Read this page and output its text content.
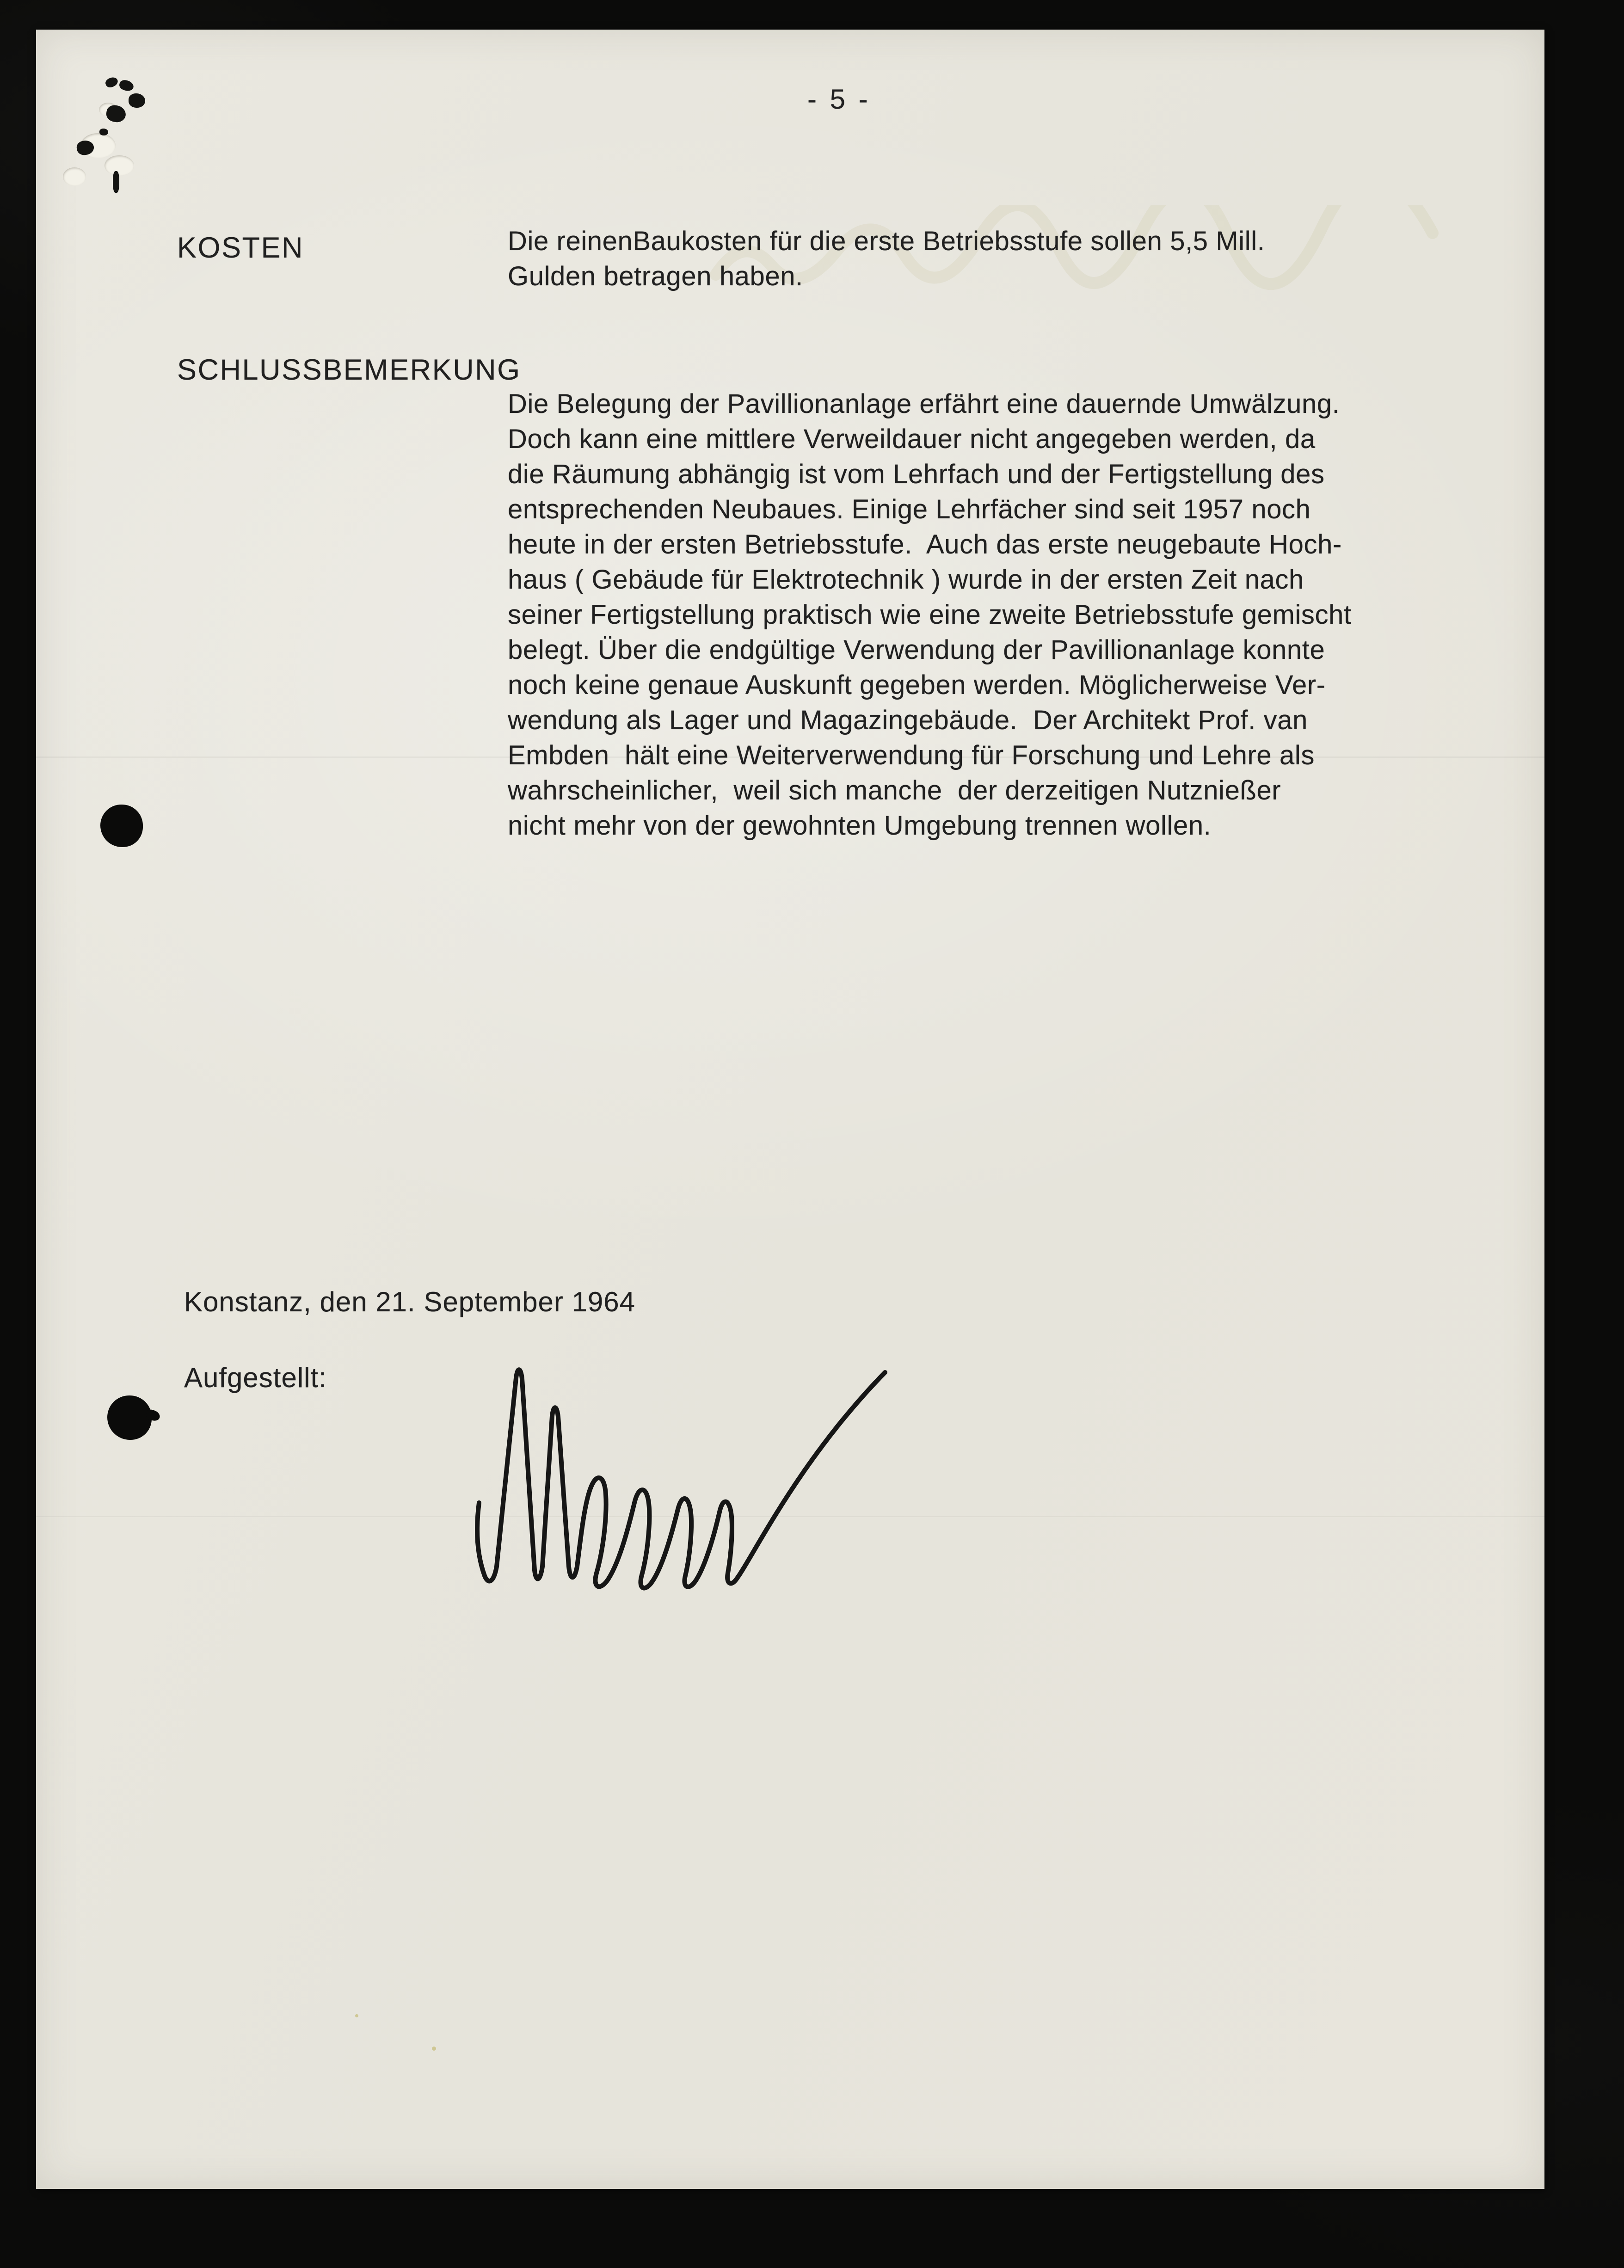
- 5 -
KOSTEN	Die reinenBaukosten für die erste Betriebsstufe sollen 5,5 Mill.
Gulden betragen haben.
SCHLUSSBEMERKUNG
Die Belegung der Pavillionanlage erfährt eine dauernde Umwälzung.
Doch kann eine mittlere Verweildauer nicht angegeben werden, da
die Räumung abhängig ist vom Lehrfach und der Fertigstellung des
entsprechenden Neubaues. Einige Lehrfächer sind seit 1957 noch
heute in der ersten Betriebsstufe.  Auch das erste neugebaute Hoch-
haus ( Gebäude für Elektrotechnik ) wurde in der ersten Zeit nach
seiner Fertigstellung praktisch wie eine zweite Betriebsstufe gemischt
belegt. Über die endgültige Verwendung der Pavillionanlage konnte
noch keine genaue Auskunft gegeben werden. Möglicherweise Ver-
wendung als Lager und Magazingebäude.  Der Architekt Prof. van
Embden  hält eine Weiterverwendung für Forschung und Lehre als
wahrscheinlicher,  weil sich manche  der derzeitigen Nutznießer
nicht mehr von der gewohnten Umgebung trennen wollen.
Konstanz, den 21. September 1964
Aufgestellt:
